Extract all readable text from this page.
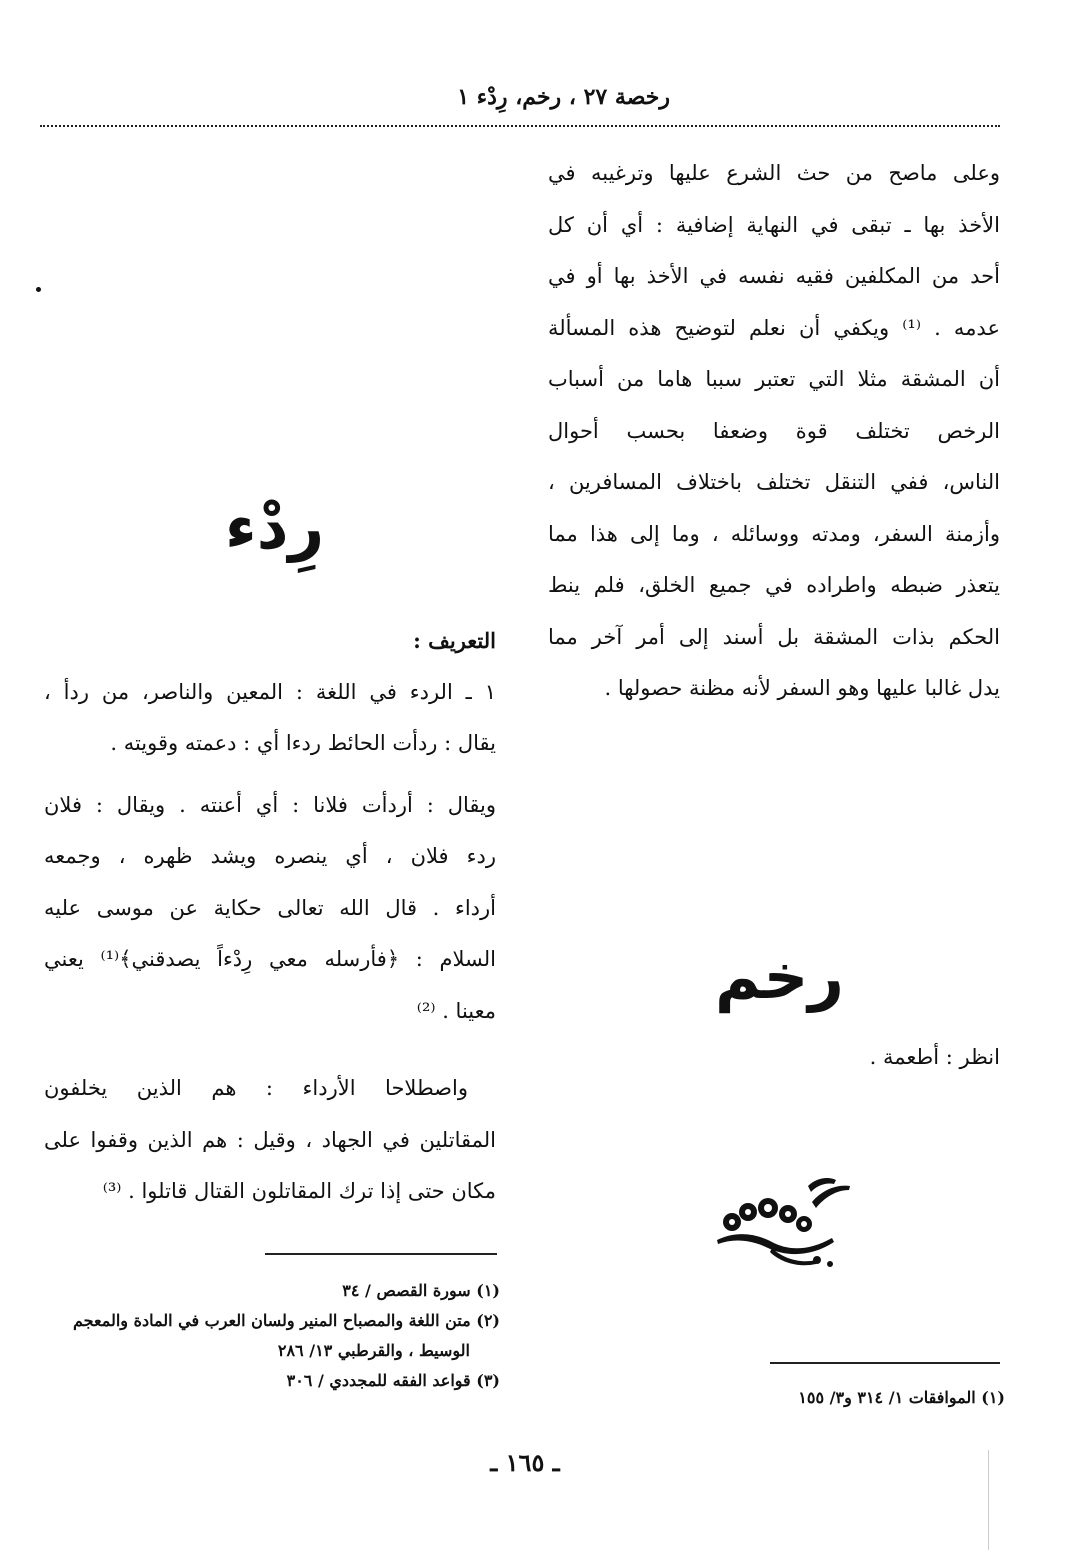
رخصة ٢٧ ، رخم، رِدْء ١
وعلى ماصح من حث الشرع عليها وترغيبه في
الأخذ بها ـ تبقى في النهاية إضافية : أي أن كل
أحد من المكلفين فقيه نفسه في الأخذ بها أو في
عدمه . ⁽¹⁾ ويكفي أن نعلم لتوضيح هذه المسألة
أن المشقة مثلا التي تعتبر سببا هاما من أسباب
الرخص تختلف قوة وضعفا بحسب أحوال
الناس، ففي التنقل تختلف باختلاف المسافرين ،
وأزمنة السفر، ومدته ووسائله ، وما إلى هذا مما
يتعذر ضبطه واطراده في جميع الخلق، فلم ينط
الحكم بذات المشقة بل أسند إلى أمر آخر مما
يدل غالبا عليها وهو السفر لأنه مظنة حصولها .
رِدْء
التعريف :
١ ـ الردء في اللغة : المعين والناصر، من ردأ ،
يقال : ردأت الحائط ردءا أي : دعمته وقويته .
ويقال : أردأت فلانا : أي أعنته . ويقال : فلان
ردء فلان ، أي ينصره ويشد ظهره ، وجمعه
أرداء . قال الله تعالى حكاية عن موسى عليه
السلام : ﴿فأرسله معي رِدْءاً يصدقني﴾⁽¹⁾ يعني
معينا . ⁽²⁾
واصطلاحا الأرداء : هم الذين يخلفون
المقاتلين في الجهاد ، وقيل : هم الذين وقفوا على
مكان حتى إذا ترك المقاتلون القتال قاتلوا . ⁽³⁾
رخم
انظر : أطعمة .
(١) سورة القصص / ٣٤
(٢) متن اللغة والمصباح المنير ولسان العرب في المادة والمعجم
الوسيط ، والقرطبي ١٣/ ٢٨٦
(٣) قواعد الفقه للمجددي / ٣٠٦
(١) الموافقات ١/ ٣١٤ و٣/ ١٥٥
ـ ١٦٥ ـ
